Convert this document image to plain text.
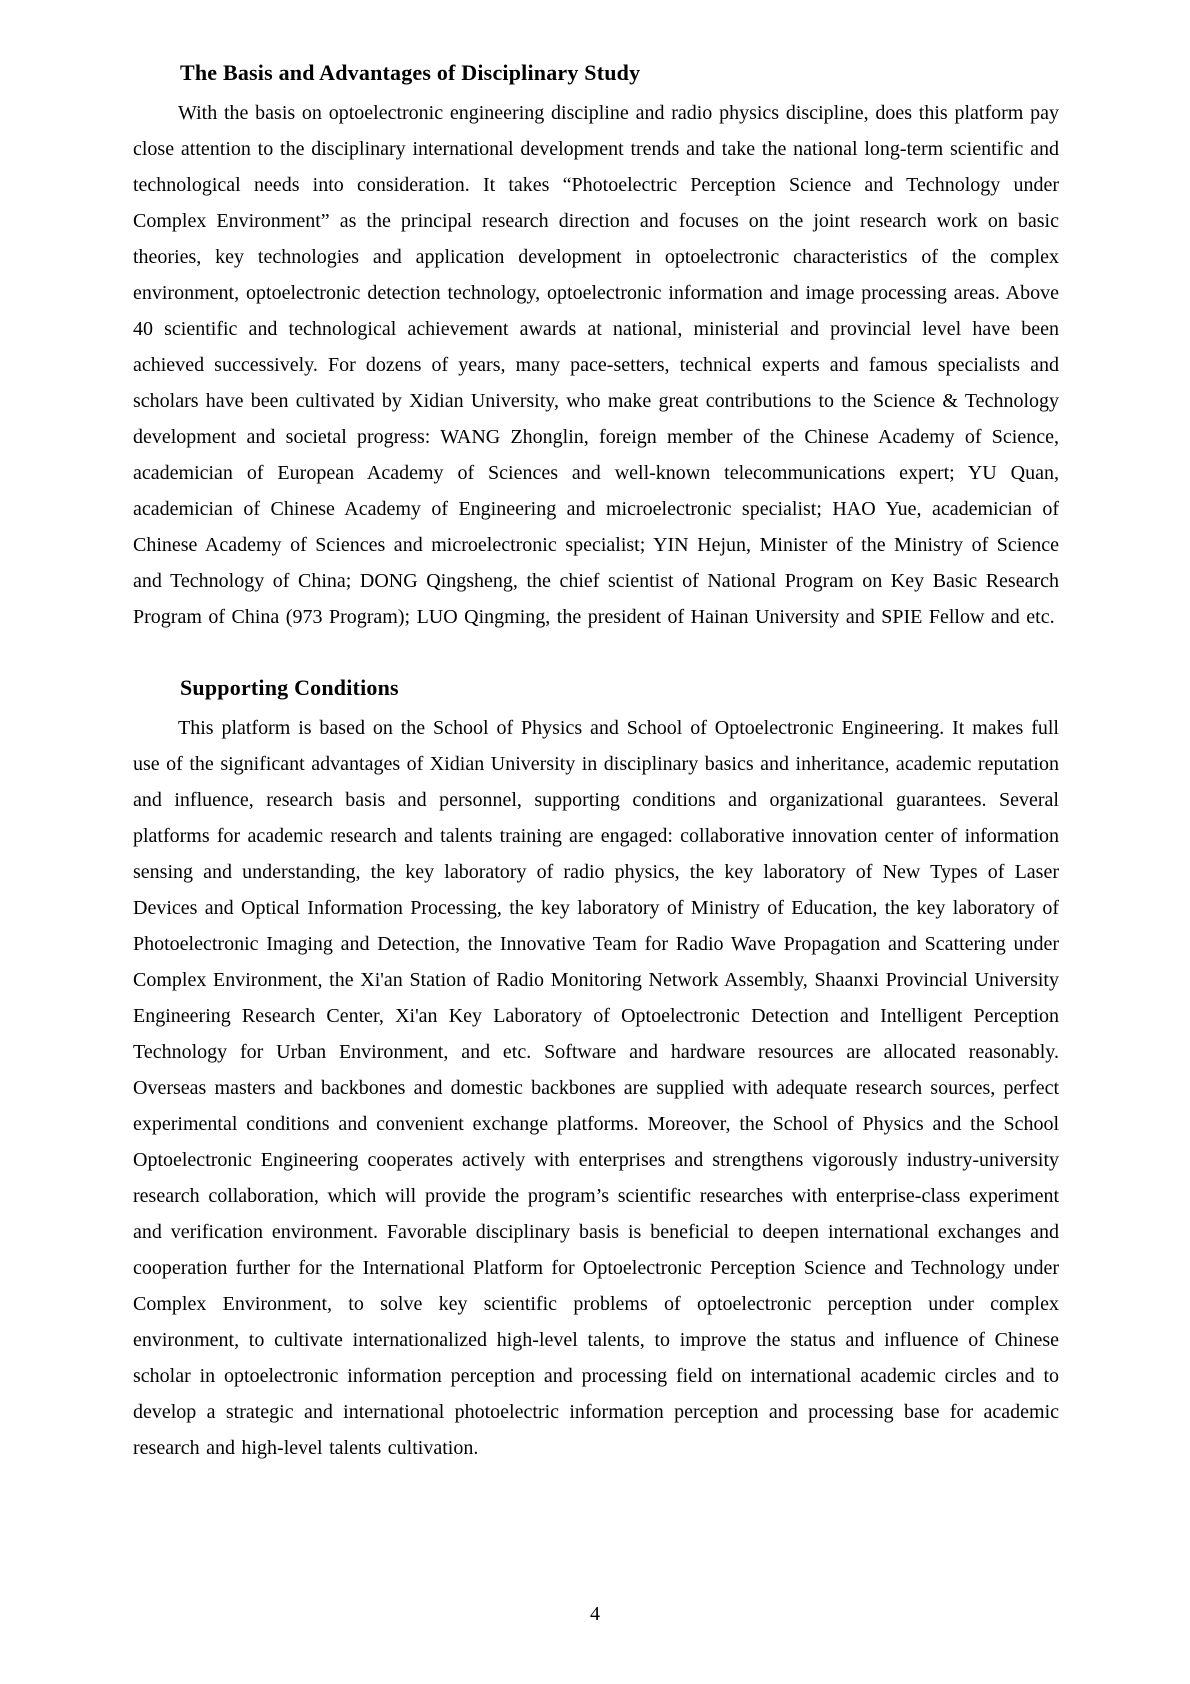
The Basis and Advantages of Disciplinary Study

With the basis on optoelectronic engineering discipline and radio physics discipline, does this platform pay close attention to the disciplinary international development trends and take the national long-term scientific and technological needs into consideration. It takes “Photoelectric Perception Science and Technology under Complex Environment” as the principal research direction and focuses on the joint research work on basic theories, key technologies and application development in optoelectronic characteristics of the complex environment, optoelectronic detection technology, optoelectronic information and image processing areas. Above 40 scientific and technological achievement awards at national, ministerial and provincial level have been achieved successively. For dozens of years, many pace-setters, technical experts and famous specialists and scholars have been cultivated by Xidian University, who make great contributions to the Science & Technology development and societal progress: WANG Zhonglin, foreign member of the Chinese Academy of Science, academician of European Academy of Sciences and well-known telecommunications expert; YU Quan, academician of Chinese Academy of Engineering and microelectronic specialist; HAO Yue, academician of Chinese Academy of Sciences and microelectronic specialist; YIN Hejun, Minister of the Ministry of Science and Technology of China; DONG Qingsheng, the chief scientist of National Program on Key Basic Research Program of China (973 Program); LUO Qingming, the president of Hainan University and SPIE Fellow and etc.

Supporting Conditions

This platform is based on the School of Physics and School of Optoelectronic Engineering. It makes full use of the significant advantages of Xidian University in disciplinary basics and inheritance, academic reputation and influence, research basis and personnel, supporting conditions and organizational guarantees. Several platforms for academic research and talents training are engaged: collaborative innovation center of information sensing and understanding, the key laboratory of radio physics, the key laboratory of New Types of Laser Devices and Optical Information Processing, the key laboratory of Ministry of Education, the key laboratory of Photoelectronic Imaging and Detection, the Innovative Team for Radio Wave Propagation and Scattering under Complex Environment, the Xi'an Station of Radio Monitoring Network Assembly, Shaanxi Provincial University Engineering Research Center, Xi'an Key Laboratory of Optoelectronic Detection and Intelligent Perception Technology for Urban Environment, and etc. Software and hardware resources are allocated reasonably. Overseas masters and backbones and domestic backbones are supplied with adequate research sources, perfect experimental conditions and convenient exchange platforms. Moreover, the School of Physics and the School Optoelectronic Engineering cooperates actively with enterprises and strengthens vigorously industry-university research collaboration, which will provide the program’s scientific researches with enterprise-class experiment and verification environment. Favorable disciplinary basis is beneficial to deepen international exchanges and cooperation further for the International Platform for Optoelectronic Perception Science and Technology under Complex Environment, to solve key scientific problems of optoelectronic perception under complex environment, to cultivate internationalized high-level talents, to improve the status and influence of Chinese scholar in optoelectronic information perception and processing field on international academic circles and to develop a strategic and international photoelectric information perception and processing base for academic research and high-level talents cultivation.

4
